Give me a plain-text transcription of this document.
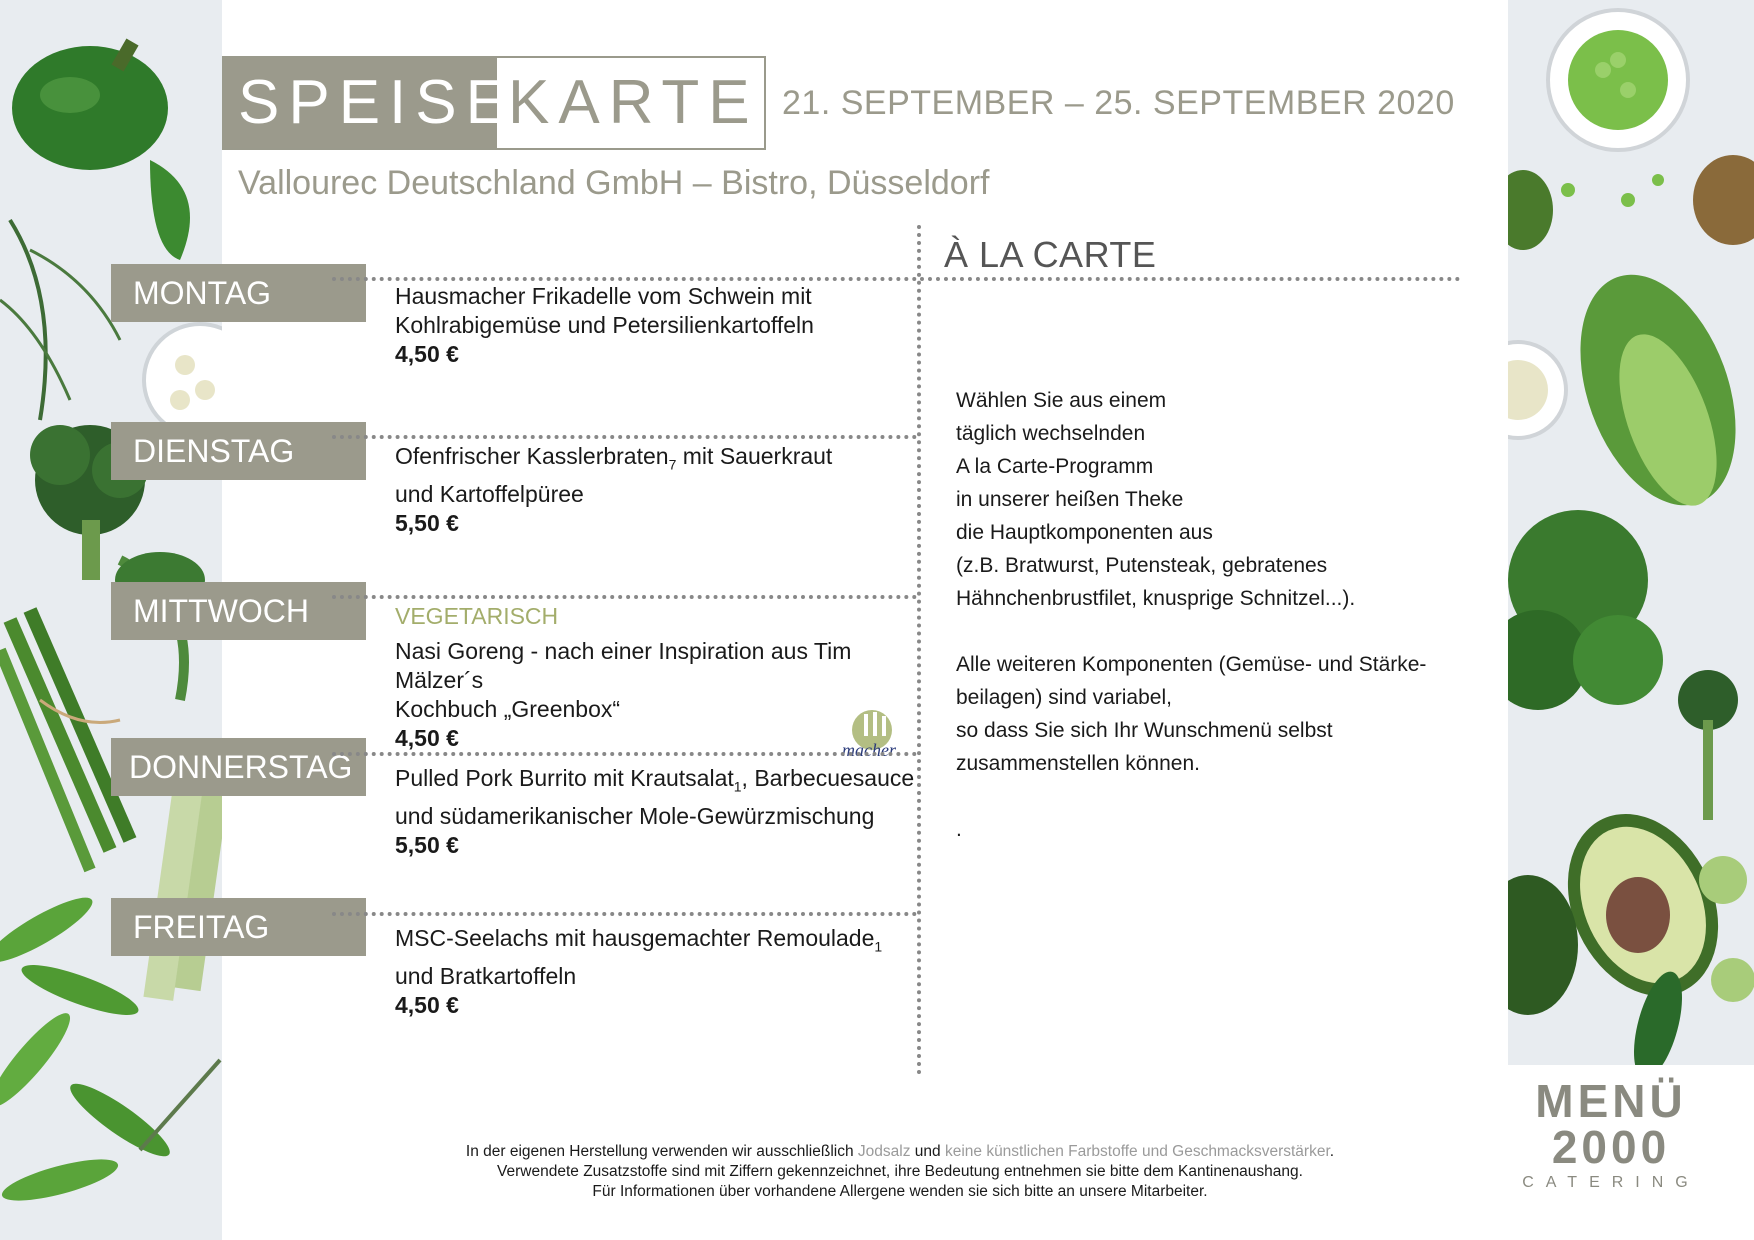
SPEISE
KARTE 21. SEPTEMBER – 25. SEPTEMBER 2020
Vallourec Deutschland GmbH – Bistro, Düsseldorf
À LA CARTE
MONTAG	Hausmacher Frikadelle vom Schwein mit
Kohlrabigemüse und Petersilienkartoffeln
4,50 €
DIENSTAG	Ofenfrischer Kasslerbraten$_7$ mit Sauerkraut
und Kartoffelpüree
5,50 €
MITTWOCH	VEGETARISCH
Nasi Goreng - nach einer Inspiration aus Tim Mälzer´s
Kochbuch „Greenbox“
4,50 €	macher
DONNERSTAG	Pulled Pork Burrito mit Krautsalat$_1$, Barbecuesauce
und südamerikanischer Mole-Gewürzmischung
5,50 €
FREITAG	MSC-Seelachs mit hausgemachter Remoulade$_1$
und Bratkartoffeln
4,50 €

Wählen Sie aus einem

täglich wechselnden

A la Carte-Programm

in unserer heißen Theke

die Hauptkomponenten aus

(z.B. Bratwurst, Putensteak, gebratenes

Hähnchenbrustfilet, knusprige Schnitzel...).

Alle weiteren Komponenten (Gemüse- und Stärke-

beilagen) sind variabel,

so dass Sie sich Ihr Wunschmenü selbst

zusammenstellen können.

.

In der eigenen Herstellung verwenden wir ausschließlich Jodsalz und keine künstlichen Farbstoffe und Geschmacksverstärker.
Verwendete Zusatzstoffe sind mit Ziffern gekennzeichnet, ihre Bedeutung entnehmen sie bitte dem Kantinenaushang.
Für Informationen über vorhandene Allergene wenden sie sich bitte an unsere Mitarbeiter.
MENÜ
2000
CATERING
